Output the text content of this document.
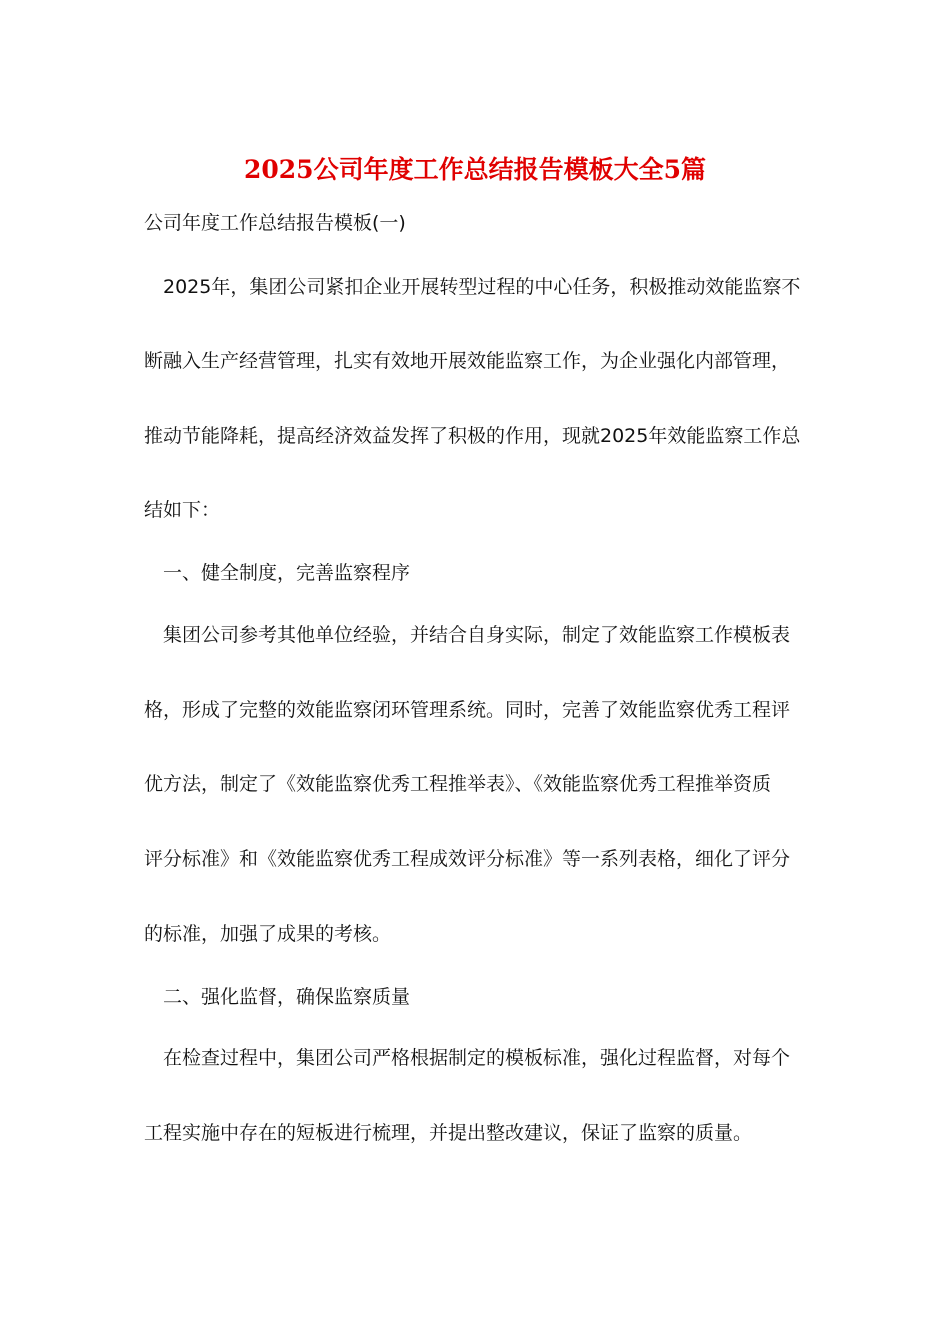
2025公司年度工作总结报告模板大全5篇
公司年度工作总结报告模板(一)
2025年，集团公司紧扣企业开展转型过程的中心任务，积极推动效能监察不
断融入生产经营管理，扎实有效地开展效能监察工作，为企业强化内部管理，
推动节能降耗，提高经济效益发挥了积极的作用，现就2025年效能监察工作总
结如下：
一、健全制度，完善监察程序
集团公司参考其他单位经验，并结合自身实际，制定了效能监察工作模板表
格，形成了完整的效能监察闭环管理系统。同时，完善了效能监察优秀工程评
优方法，制定了《效能监察优秀工程推举表》、《效能监察优秀工程推举资质
评分标准》和《效能监察优秀工程成效评分标准》等一系列表格，细化了评分
的标准，加强了成果的考核。
二、强化监督，确保监察质量
在检查过程中，集团公司严格根据制定的模板标准，强化过程监督，对每个
工程实施中存在的短板进行梳理，并提出整改建议，保证了监察的质量。
